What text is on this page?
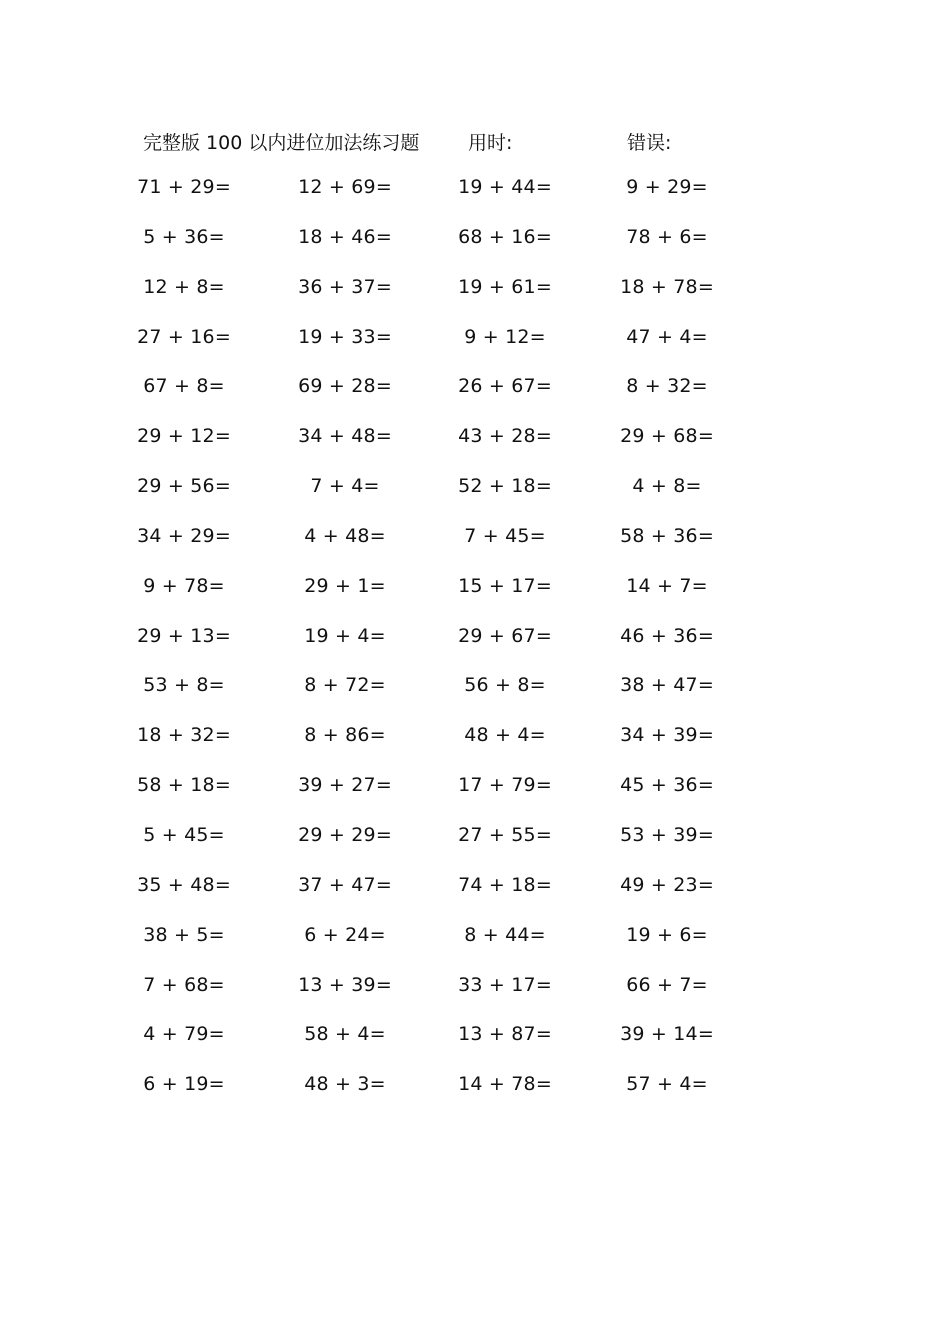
完整版 100 以内进位加法练习题	用时:	错误:
71 + 29=	12 + 69=	19 + 44=	9 + 29=
5 + 36=	18 + 46=	68 + 16=	78 + 6=
12 + 8=	36 + 37=	19 + 61=	18 + 78=
27 + 16=	19 + 33=	9 + 12=	47 + 4=
67 + 8=	69 + 28=	26 + 67=	8 + 32=
29 + 12=	34 + 48=	43 + 28=	29 + 68=
29 + 56=	7 + 4=	52 + 18=	4 + 8=
34 + 29=	4 + 48=	7 + 45=	58 + 36=
9 + 78=	29 + 1=	15 + 17=	14 + 7=
29 + 13=	19 + 4=	29 + 67=	46 + 36=
53 + 8=	8 + 72=	56 + 8=	38 + 47=
18 + 32=	8 + 86=	48 + 4=	34 + 39=
58 + 18=	39 + 27=	17 + 79=	45 + 36=
5 + 45=	29 + 29=	27 + 55=	53 + 39=
35 + 48=	37 + 47=	74 + 18=	49 + 23=
38 + 5=	6 + 24=	8 + 44=	19 + 6=
7 + 68=	13 + 39=	33 + 17=	66 + 7=
4 + 79=	58 + 4=	13 + 87=	39 + 14=
6 + 19=	48 + 3=	14 + 78=	57 + 4=
